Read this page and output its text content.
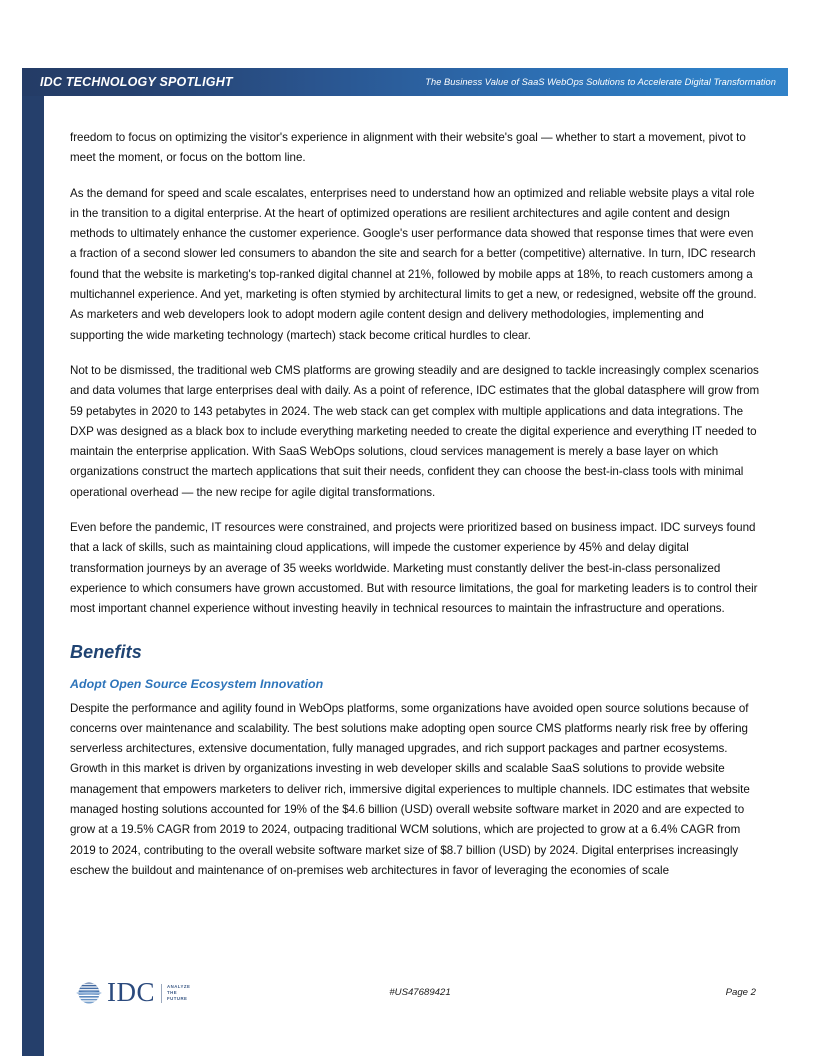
IDC TECHNOLOGY SPOTLIGHT	The Business Value of SaaS WebOps Solutions to Accelerate Digital Transformation

freedom to focus on optimizing the visitor's experience in alignment with their website's goal — whether to start a movement, pivot to meet the moment, or focus on the bottom line.

As the demand for speed and scale escalates, enterprises need to understand how an optimized and reliable website plays a vital role in the transition to a digital enterprise. At the heart of optimized operations are resilient architectures and agile content and design methods to ultimately enhance the customer experience. Google's user performance data showed that response times that were even a fraction of a second slower led consumers to abandon the site and search for a better (competitive) alternative. In turn, IDC research found that the website is marketing's top-ranked digital channel at 21%, followed by mobile apps at 18%, to reach customers among a multichannel experience. And yet, marketing is often stymied by architectural limits to get a new, or redesigned, website off the ground. As marketers and web developers look to adopt modern agile content design and delivery methodologies, implementing and supporting the wide marketing technology (martech) stack become critical hurdles to clear.

Not to be dismissed, the traditional web CMS platforms are growing steadily and are designed to tackle increasingly complex scenarios and data volumes that large enterprises deal with daily. As a point of reference, IDC estimates that the global datasphere will grow from 59 petabytes in 2020 to 143 petabytes in 2024. The web stack can get complex with multiple applications and data integrations. The DXP was designed as a black box to include everything marketing needed to create the digital experience and everything IT needed to maintain the enterprise application. With SaaS WebOps solutions, cloud services management is merely a base layer on which organizations construct the martech applications that suit their needs, confident they can choose the best-in-class tools with minimal operational overhead — the new recipe for agile digital transformations.

Even before the pandemic, IT resources were constrained, and projects were prioritized based on business impact. IDC surveys found that a lack of skills, such as maintaining cloud applications, will impede the customer experience by 45% and delay digital transformation journeys by an average of 35 weeks worldwide. Marketing must constantly deliver the best-in-class personalized experience to which consumers have grown accustomed. But with resource limitations, the goal for marketing leaders is to control their most important channel experience without investing heavily in technical resources to maintain the infrastructure and operations.

Benefits
Adopt Open Source Ecosystem Innovation

Despite the performance and agility found in WebOps platforms, some organizations have avoided open source solutions because of concerns over maintenance and scalability. The best solutions make adopting open source CMS platforms nearly risk free by offering serverless architectures, extensive documentation, fully managed upgrades, and rich support packages and partner ecosystems. Growth in this market is driven by organizations investing in web developer skills and scalable SaaS solutions to provide website management that empowers marketers to deliver rich, immersive digital experiences to multiple channels. IDC estimates that website managed hosting solutions accounted for 19% of the $4.6 billion (USD) overall website software market in 2020 and are expected to grow at a 19.5% CAGR from 2019 to 2024, outpacing traditional WCM solutions, which are projected to grow at a 6.4% CAGR from 2019 to 2024, contributing to the overall website software market size of $8.7 billion (USD) by 2024. Digital enterprises increasingly eschew the buildout and maintenance of on-premises web architectures in favor of leveraging the economies of scale

IDC	ANALYZE
THE
FUTURE
#US47689421	Page 2
